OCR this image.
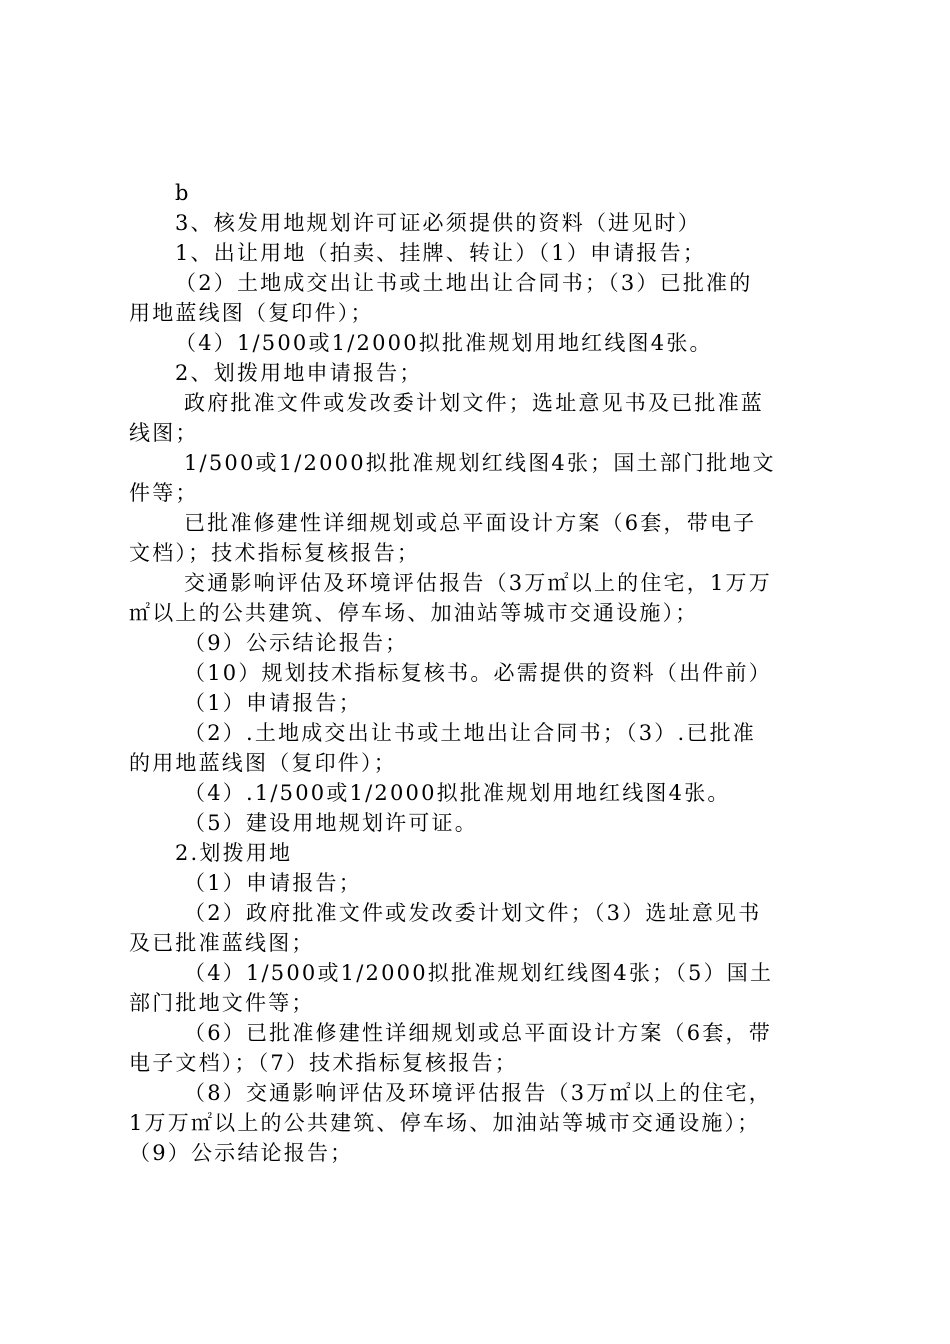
b
3、核发用地规划许可证必须提供的资料（进见时）
1、出让用地（拍卖、挂牌、转让）（1）申请报告；
（2）土地成交出让书或土地出让合同书；（3）已批准的
用地蓝线图（复印件）；
（4）1/500或1/2000拟批准规划用地红线图4张。
2、划拨用地申请报告；
政府批准文件或发改委计划文件；选址意见书及已批准蓝
线图；
1/500或1/2000拟批准规划红线图4张；国土部门批地文
件等；
已批准修建性详细规划或总平面设计方案（6套，带电子
文档）；技术指标复核报告；
交通影响评估及环境评估报告（3万㎡以上的住宅，1万万
㎡以上的公共建筑、停车场、加油站等城市交通设施）；
（9）公示结论报告；
（10）规划技术指标复核书。必需提供的资料（出件前）
（1）申请报告；
（2）.土地成交出让书或土地出让合同书；（3）.已批准
的用地蓝线图（复印件）；
（4）.1/500或1/2000拟批准规划用地红线图4张。
（5）建设用地规划许可证。
2.划拨用地
（1）申请报告；
（2）政府批准文件或发改委计划文件；（3）选址意见书
及已批准蓝线图；
（4）1/500或1/2000拟批准规划红线图4张；（5）国土
部门批地文件等；
（6）已批准修建性详细规划或总平面设计方案（6套，带
电子文档）；（7）技术指标复核报告；
（8）交通影响评估及环境评估报告（3万㎡以上的住宅，
1万万㎡以上的公共建筑、停车场、加油站等城市交通设施）；
（9）公示结论报告；
